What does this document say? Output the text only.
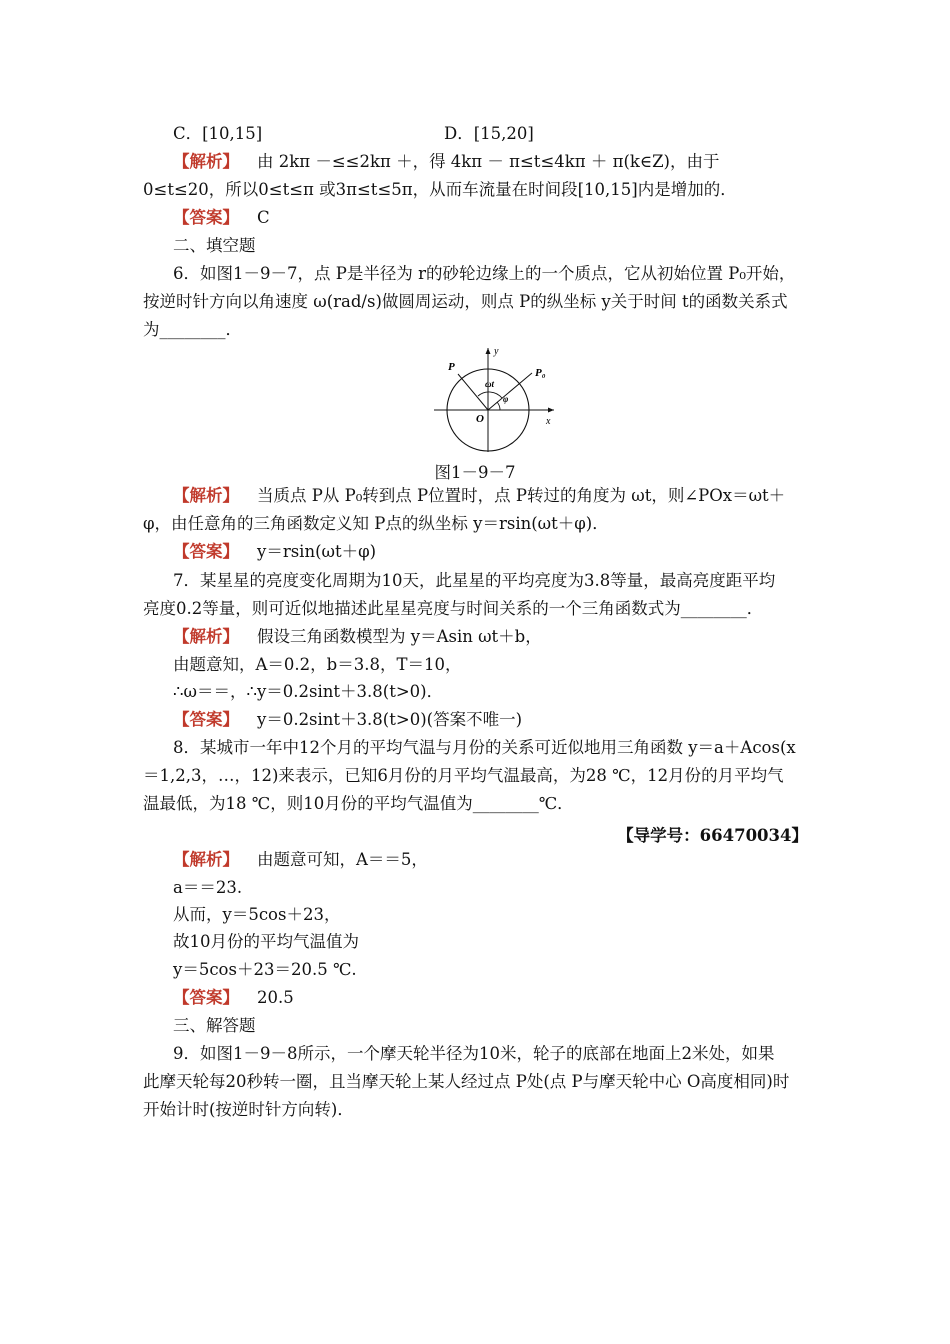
C．[10,15]	D．[15,20]
【解析】 由 2kπ －≤≤2kπ ＋，得 4kπ － π≤t≤4kπ ＋ π(k∈Z)，由于
0≤t≤20，所以0≤t≤π 或3π≤t≤5π，从而车流量在时间段[10,15]内是增加的．
【答案】 C
二、填空题
6．如图1－9－7，点 P是半径为 r的砂轮边缘上的一个质点，它从初始位置 P₀开始，
按逆时针方向以角速度 ω(rad/s)做圆周运动，则点 P的纵坐标 y关于时间 t的函数关系式
为________．
P	P₀
O	x
y
ωt
φ
图1－9－7
【解析】 当质点 P从 P₀转到点 P位置时，点 P转过的角度为 ωt，则∠POx＝ωt＋
φ，由任意角的三角函数定义知 P点的纵坐标 y＝rsin(ωt＋φ)．
【答案】 y＝rsin(ωt＋φ)
7．某星星的亮度变化周期为10天，此星星的平均亮度为3.8等量，最高亮度距平均
亮度0.2等量，则可近似地描述此星星亮度与时间关系的一个三角函数式为________．
【解析】 假设三角函数模型为 y＝Asin ωt＋b，
由题意知，A＝0.2，b＝3.8，T＝10，
∴ω＝＝，∴y＝0.2sint＋3.8(t>0)．
【答案】 y＝0.2sint＋3.8(t>0)(答案不唯一)
8．某城市一年中12个月的平均气温与月份的关系可近似地用三角函数 y＝a＋Acos(x
＝1,2,3，…，12)来表示，已知6月份的月平均气温最高，为28 ℃，12月份的月平均气
温最低，为18 ℃，则10月份的平均气温值为________℃．
【导学号：66470034】
【解析】 由题意可知，A＝＝5，
a＝＝23.
从而，y＝5cos＋23，
故10月份的平均气温值为
y＝5cos＋23＝20.5 ℃.
【答案】 20.5
三、解答题
9．如图1－9－8所示，一个摩天轮半径为10米，轮子的底部在地面上2米处，如果
此摩天轮每20秒转一圈，且当摩天轮上某人经过点 P处(点 P与摩天轮中心 O高度相同)时
开始计时(按逆时针方向转)．
